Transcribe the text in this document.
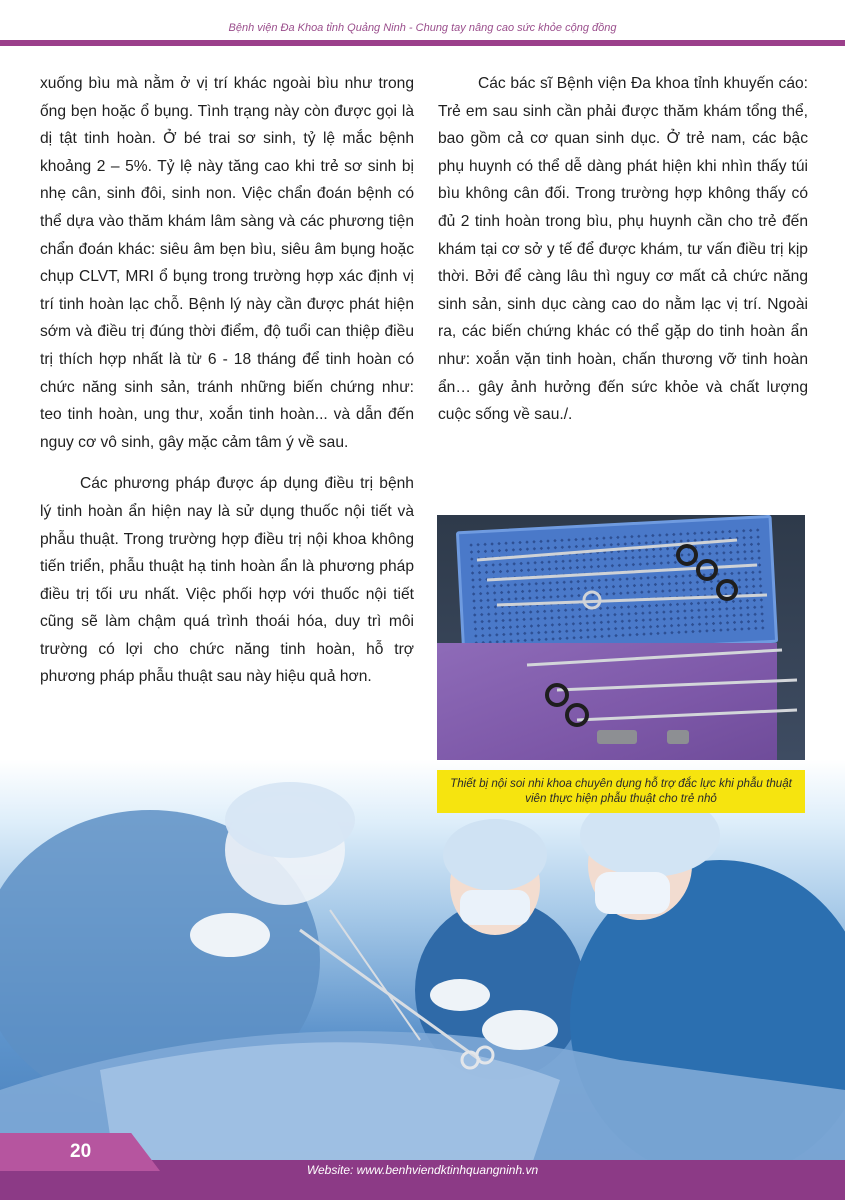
Bệnh viện Đa Khoa tỉnh Quảng Ninh - Chung tay nâng cao sức khỏe cộng đồng

xuống bìu mà nằm ở vị trí khác ngoài bìu như trong ống bẹn hoặc ổ bụng. Tình trạng này còn được gọi là dị tật tinh hoàn. Ở bé trai sơ sinh, tỷ lệ mắc bệnh khoảng 2 – 5%. Tỷ lệ này tăng cao khi trẻ sơ sinh bị nhẹ cân, sinh đôi, sinh non. Việc chẩn đoán bệnh có thể dựa vào thăm khám lâm sàng và các phương tiện chẩn đoán khác: siêu âm bẹn bìu, siêu âm bụng hoặc chụp CLVT, MRI ổ bụng trong trường hợp xác định vị trí tinh hoàn lạc chỗ. Bệnh lý này cần được phát hiện sớm và điều trị đúng thời điểm, độ tuổi can thiệp điều trị thích hợp nhất là từ 6 - 18 tháng để tinh hoàn có chức năng sinh sản, tránh những biến chứng như: teo tinh hoàn, ung thư, xoắn tinh hoàn... và dẫn đến nguy cơ vô sinh, gây mặc cảm tâm ý về sau.

Các phương pháp được áp dụng điều trị bệnh lý tinh hoàn ẩn hiện nay là sử dụng thuốc nội tiết và phẫu thuật. Trong trường hợp điều trị nội khoa không tiến triển, phẫu thuật hạ tinh hoàn ẩn là phương pháp điều trị tối ưu nhất. Việc phối hợp với thuốc nội tiết cũng sẽ làm chậm quá trình thoái hóa, duy trì môi trường có lợi cho chức năng tinh hoàn, hỗ trợ phương pháp phẫu thuật sau này hiệu quả hơn.

Các bác sĩ Bệnh viện Đa khoa tỉnh khuyến cáo: Trẻ em sau sinh cần phải được thăm khám tổng thể, bao gồm cả cơ quan sinh dục. Ở trẻ nam, các bậc phụ huynh có thể dễ dàng phát hiện khi nhìn thấy túi bìu không cân đối. Trong trường hợp không thấy có đủ 2 tinh hoàn trong bìu, phụ huynh cần cho trẻ đến khám tại cơ sở y tế để được khám, tư vấn điều trị kịp thời. Bởi để càng lâu thì nguy cơ mất cả chức năng sinh sản, sinh dục càng cao do nằm lạc vị trí. Ngoài ra, các biến chứng khác có thể gặp do tinh hoàn ẩn như: xoắn vặn tinh hoàn, chấn thương vỡ tinh hoàn ẩn… gây ảnh hưởng đến sức khỏe và chất lượng cuộc sống về sau./.

Thiết bị nội soi nhi khoa chuyên dụng hỗ trợ đắc lực khi phẫu thuật viên thực hiện phẫu thuật cho trẻ nhỏ
20
Website: www.benhviendktinhquangninh.vn
